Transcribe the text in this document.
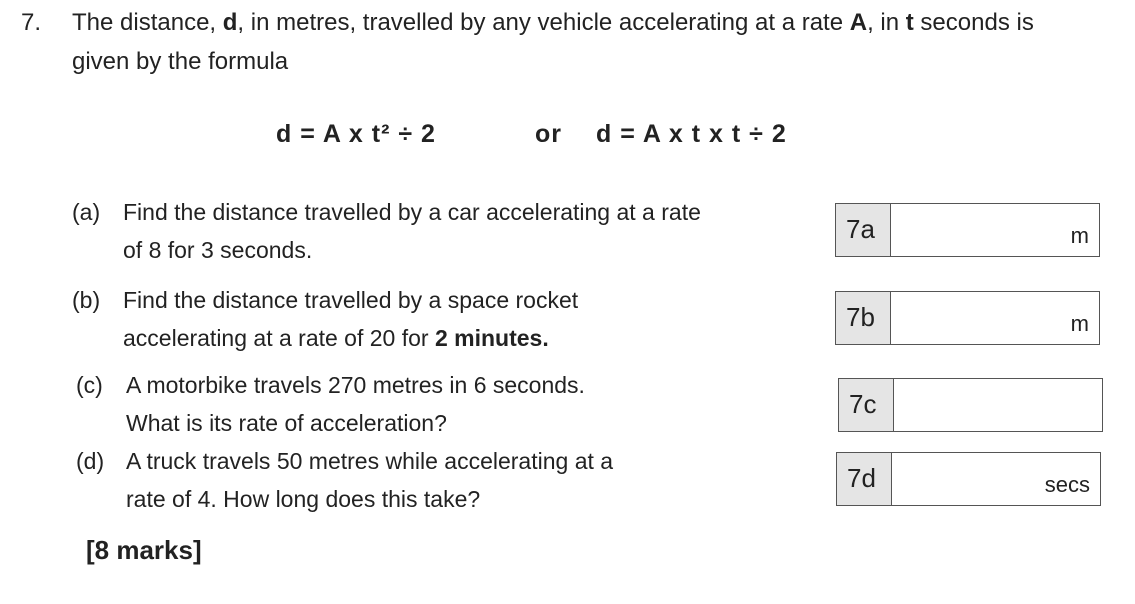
7. The distance, d, in metres, travelled by any vehicle accelerating at a rate A, in t seconds is
given by the formula
d = A x t² ÷ 2	or d = A x t x t ÷ 2
(a) Find the distance travelled by a car accelerating at a rate
of 8 for 3 seconds.
(b) Find the distance travelled by a space rocket
accelerating at a rate of 20 for 2 minutes.
(c) A motorbike travels 270 metres in 6 seconds.
What is its rate of acceleration?
(d) A truck travels 50 metres while accelerating at a
rate of 4. How long does this take?
[8 marks]
7a	m
7b	m
7c
7d	secs
